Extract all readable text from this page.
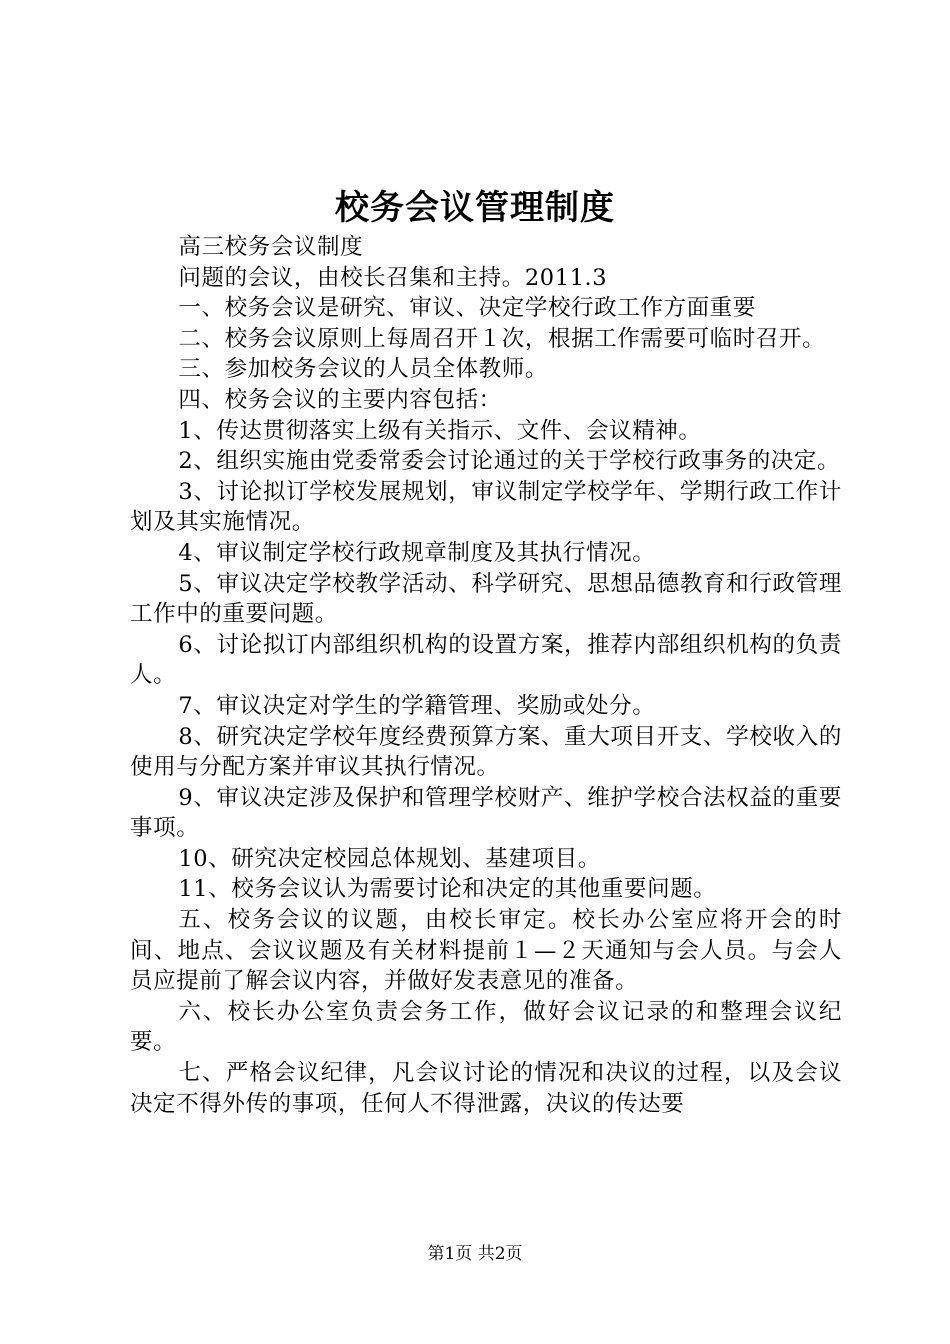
校务会议管理制度

高三校务会议制度

问题的会议，由校长召集和主持。2011.3

一、校务会议是研究、审议、决定学校行政工作方面重要

二、校务会议原则上每周召开１次，根据工作需要可临时召开。

三、参加校务会议的人员全体教师。

四、校务会议的主要内容包括：

1、传达贯彻落实上级有关指示、文件、会议精神。

2、组织实施由党委常委会讨论通过的关于学校行政事务的决定。

3、讨论拟订学校发展规划，审议制定学校学年、学期行政工作计划及其实施情况。

4、审议制定学校行政规章制度及其执行情况。

5、审议决定学校教学活动、科学研究、思想品德教育和行政管理工作中的重要问题。

6、讨论拟订内部组织机构的设置方案，推荐内部组织机构的负责人。

7、审议决定对学生的学籍管理、奖励或处分。

8、研究决定学校年度经费预算方案、重大项目开支、学校收入的使用与分配方案并审议其执行情况。

9、审议决定涉及保护和管理学校财产、维护学校合法权益的重要事项。

10、研究决定校园总体规划、基建项目。

11、校务会议认为需要讨论和决定的其他重要问题。

五、校务会议的议题，由校长审定。校长办公室应将开会的时间、地点、会议议题及有关材料提前１—２天通知与会人员。与会人员应提前了解会议内容，并做好发表意见的准备。

六、校长办公室负责会务工作，做好会议记录的和整理会议纪要。

七、严格会议纪律，凡会议讨论的情况和决议的过程，以及会议决定不得外传的事项，任何人不得泄露，决议的传达要

第1页 共2页
